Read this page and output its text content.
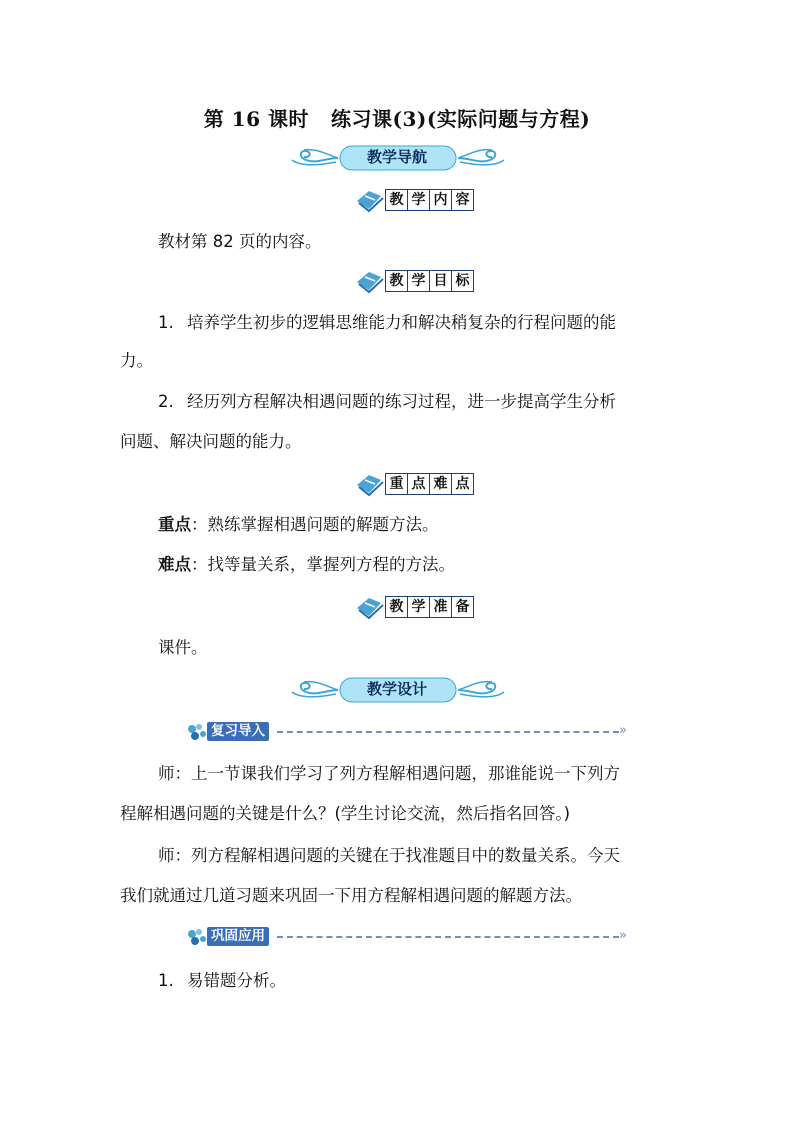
第 16 课时 练习课(3)(实际问题与方程)
教学导航
教 学 内 容
教材第 82 页的内容。
教 学 目 标
1. 培养学生初步的逻辑思维能力和解决稍复杂的行程问题的能
力。
2. 经历列方程解决相遇问题的练习过程，进一步提高学生分析
问题、解决问题的能力。
重 点 难 点
重点：熟练掌握相遇问题的解题方法。
难点：找等量关系，掌握列方程的方法。
教 学 准 备
课件。
教学设计
复习导入	»
师：上一节课我们学习了列方程解相遇问题，那谁能说一下列方
程解相遇问题的关键是什么？(学生讨论交流，然后指名回答。)
师：列方程解相遇问题的关键在于找准题目中的数量关系。今天
我们就通过几道习题来巩固一下用方程解相遇问题的解题方法。
巩固应用	»
1. 易错题分析。
